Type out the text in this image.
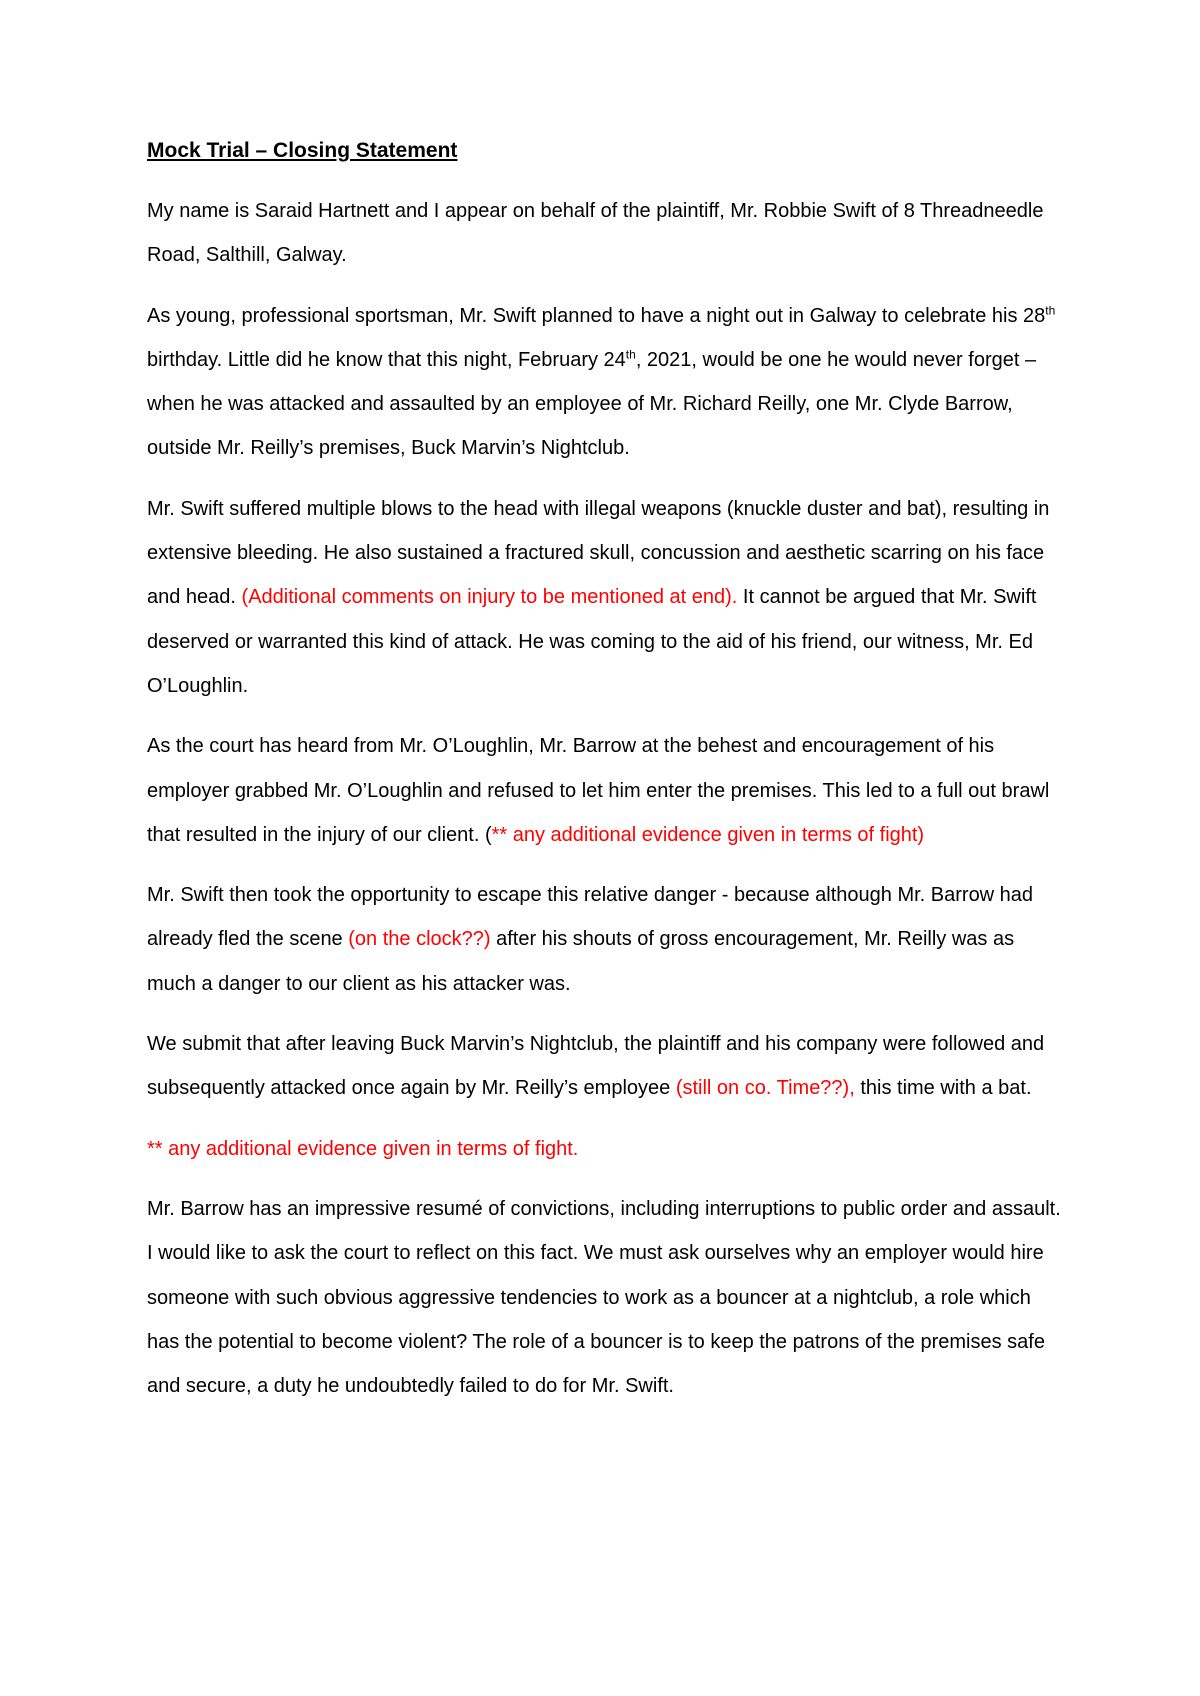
Mock Trial – Closing Statement

My name is Saraid Hartnett and I appear on behalf of the plaintiff, Mr. Robbie Swift of 8 Threadneedle Road, Salthill, Galway.

As young, professional sportsman, Mr. Swift planned to have a night out in Galway to celebrate his 28th birthday. Little did he know that this night, February 24th, 2021, would be one he would never forget – when he was attacked and assaulted by an employee of Mr. Richard Reilly, one Mr. Clyde Barrow, outside Mr. Reilly’s premises, Buck Marvin’s Nightclub.

Mr. Swift suffered multiple blows to the head with illegal weapons (knuckle duster and bat), resulting in extensive bleeding. He also sustained a fractured skull, concussion and aesthetic scarring on his face and head. (Additional comments on injury to be mentioned at end). It cannot be argued that Mr. Swift deserved or warranted this kind of attack. He was coming to the aid of his friend, our witness, Mr. Ed O’Loughlin.

As the court has heard from Mr. O’Loughlin, Mr. Barrow at the behest and encouragement of his employer grabbed Mr. O’Loughlin and refused to let him enter the premises. This led to a full out brawl that resulted in the injury of our client. (** any additional evidence given in terms of fight)

Mr. Swift then took the opportunity to escape this relative danger - because although Mr. Barrow had already fled the scene (on the clock??) after his shouts of gross encouragement, Mr. Reilly was as much a danger to our client as his attacker was.

We submit that after leaving Buck Marvin’s Nightclub, the plaintiff and his company were followed and subsequently attacked once again by Mr. Reilly’s employee (still on co. Time??), this time with a bat.

** any additional evidence given in terms of fight.

Mr. Barrow has an impressive resumé of convictions, including interruptions to public order and assault. I would like to ask the court to reflect on this fact. We must ask ourselves why an employer would hire someone with such obvious aggressive tendencies to work as a bouncer at a nightclub, a role which has the potential to become violent? The role of a bouncer is to keep the patrons of the premises safe and secure, a duty he undoubtedly failed to do for Mr. Swift.
